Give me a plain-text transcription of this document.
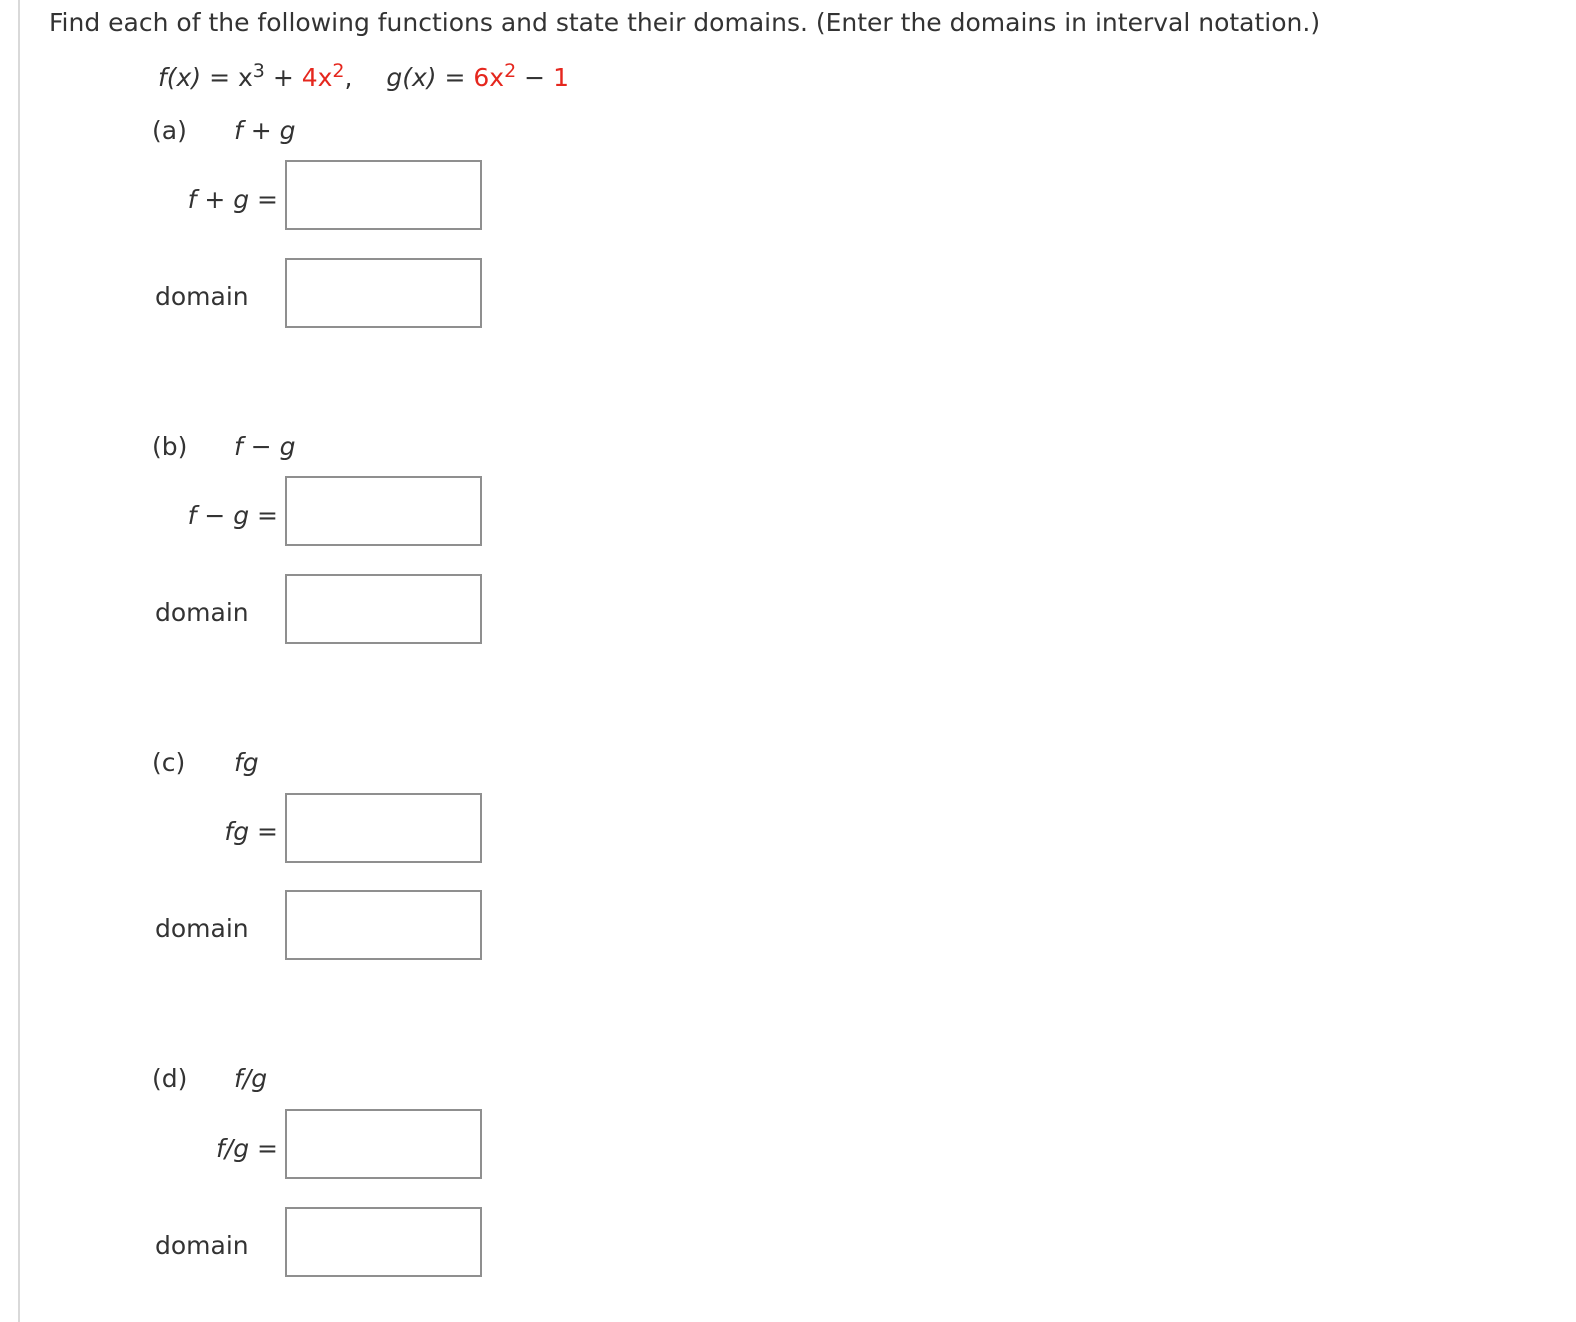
Find each of the following functions and state their domains. (Enter the domains in interval notation.)
$f(x) = x^3 + 4x^2$, $g(x) = 6x^2 - 1$
(a) f + g
f + g =
domain
(b) f − g
f − g =
domain
(c) fg
fg =
domain
(d) f/g
f/g =
domain
